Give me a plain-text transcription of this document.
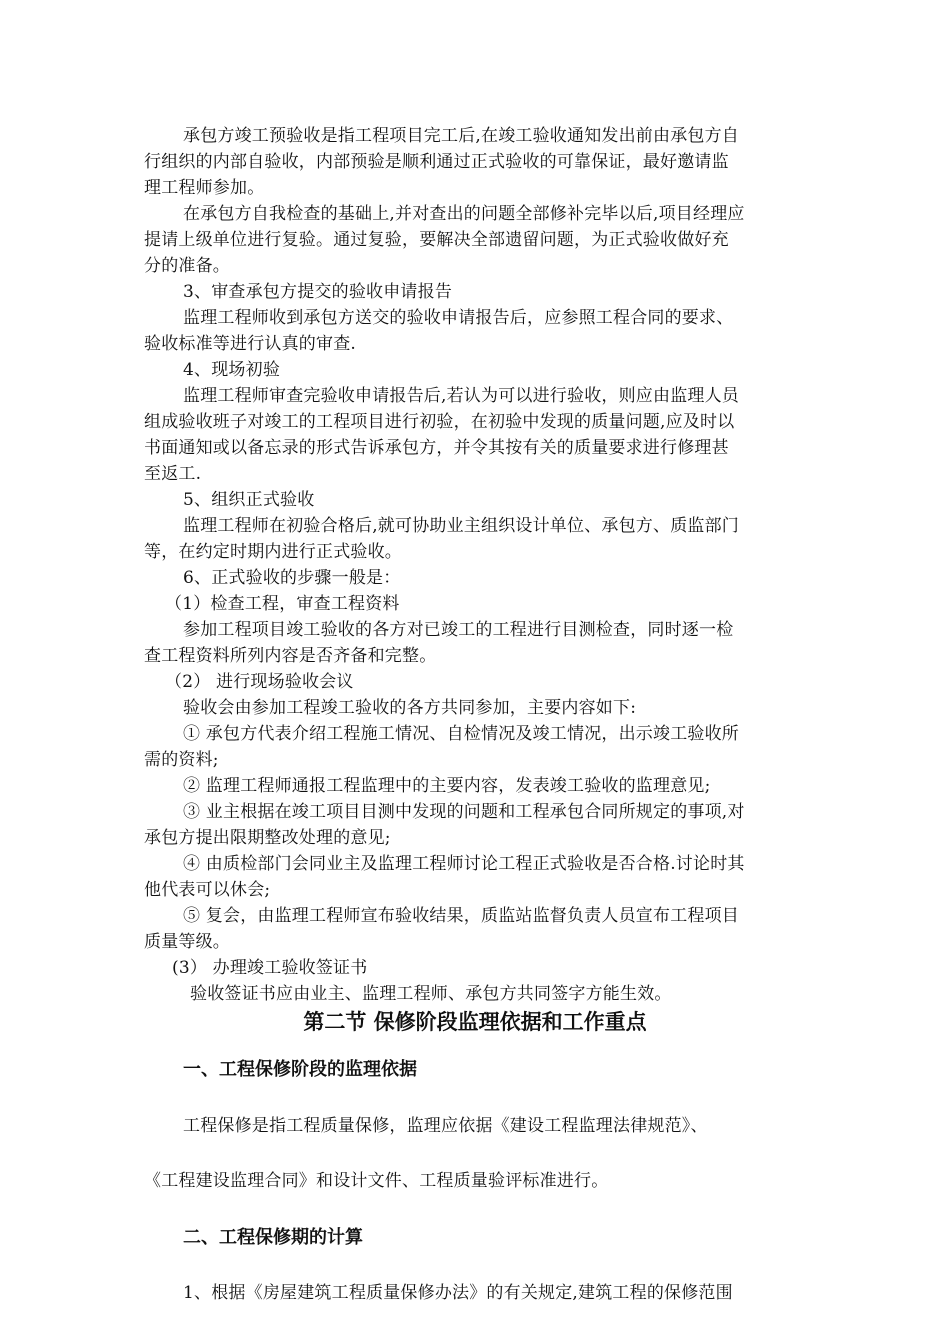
承包方竣工预验收是指工程项目完工后,在竣工验收通知发出前由承包方自
行组织的内部自验收，内部预验是顺利通过正式验收的可靠保证，最好邀请监
理工程师参加。
在承包方自我检查的基础上,并对查出的问题全部修补完毕以后,项目经理应
提请上级单位进行复验。通过复验，要解决全部遗留问题，为正式验收做好充
分的准备。
3、审查承包方提交的验收申请报告
监理工程师收到承包方送交的验收申请报告后，应参照工程合同的要求、
验收标准等进行认真的审查.
4、现场初验
监理工程师审查完验收申请报告后,若认为可以进行验收，则应由监理人员
组成验收班子对竣工的工程项目进行初验，在初验中发现的质量问题,应及时以
书面通知或以备忘录的形式告诉承包方，并令其按有关的质量要求进行修理甚
至返工.
5、组织正式验收
监理工程师在初验合格后,就可协助业主组织设计单位、承包方、质监部门
等，在约定时期内进行正式验收。
6、正式验收的步骤一般是：
（1）检查工程，审查工程资料
参加工程项目竣工验收的各方对已竣工的工程进行目测检查，同时逐一检
查工程资料所列内容是否齐备和完整。
（2） 进行现场验收会议
验收会由参加工程竣工验收的各方共同参加，主要内容如下:
① 承包方代表介绍工程施工情况、自检情况及竣工情况，出示竣工验收所
需的资料;
② 监理工程师通报工程监理中的主要内容，发表竣工验收的监理意见;
③ 业主根据在竣工项目目测中发现的问题和工程承包合同所规定的事项,对
承包方提出限期整改处理的意见;
④ 由质检部门会同业主及监理工程师讨论工程正式验收是否合格.讨论时其
他代表可以休会;
⑤ 复会，由监理工程师宣布验收结果，质监站监督负责人员宣布工程项目
质量等级。
(3） 办理竣工验收签证书
验收签证书应由业主、监理工程师、承包方共同签字方能生效。
第二节 保修阶段监理依据和工作重点
一、工程保修阶段的监理依据
工程保修是指工程质量保修，监理应依据《建设工程监理法律规范》、
《工程建设监理合同》和设计文件、工程质量验评标准进行。
二、工程保修期的计算
1、根据《房屋建筑工程质量保修办法》的有关规定,建筑工程的保修范围
